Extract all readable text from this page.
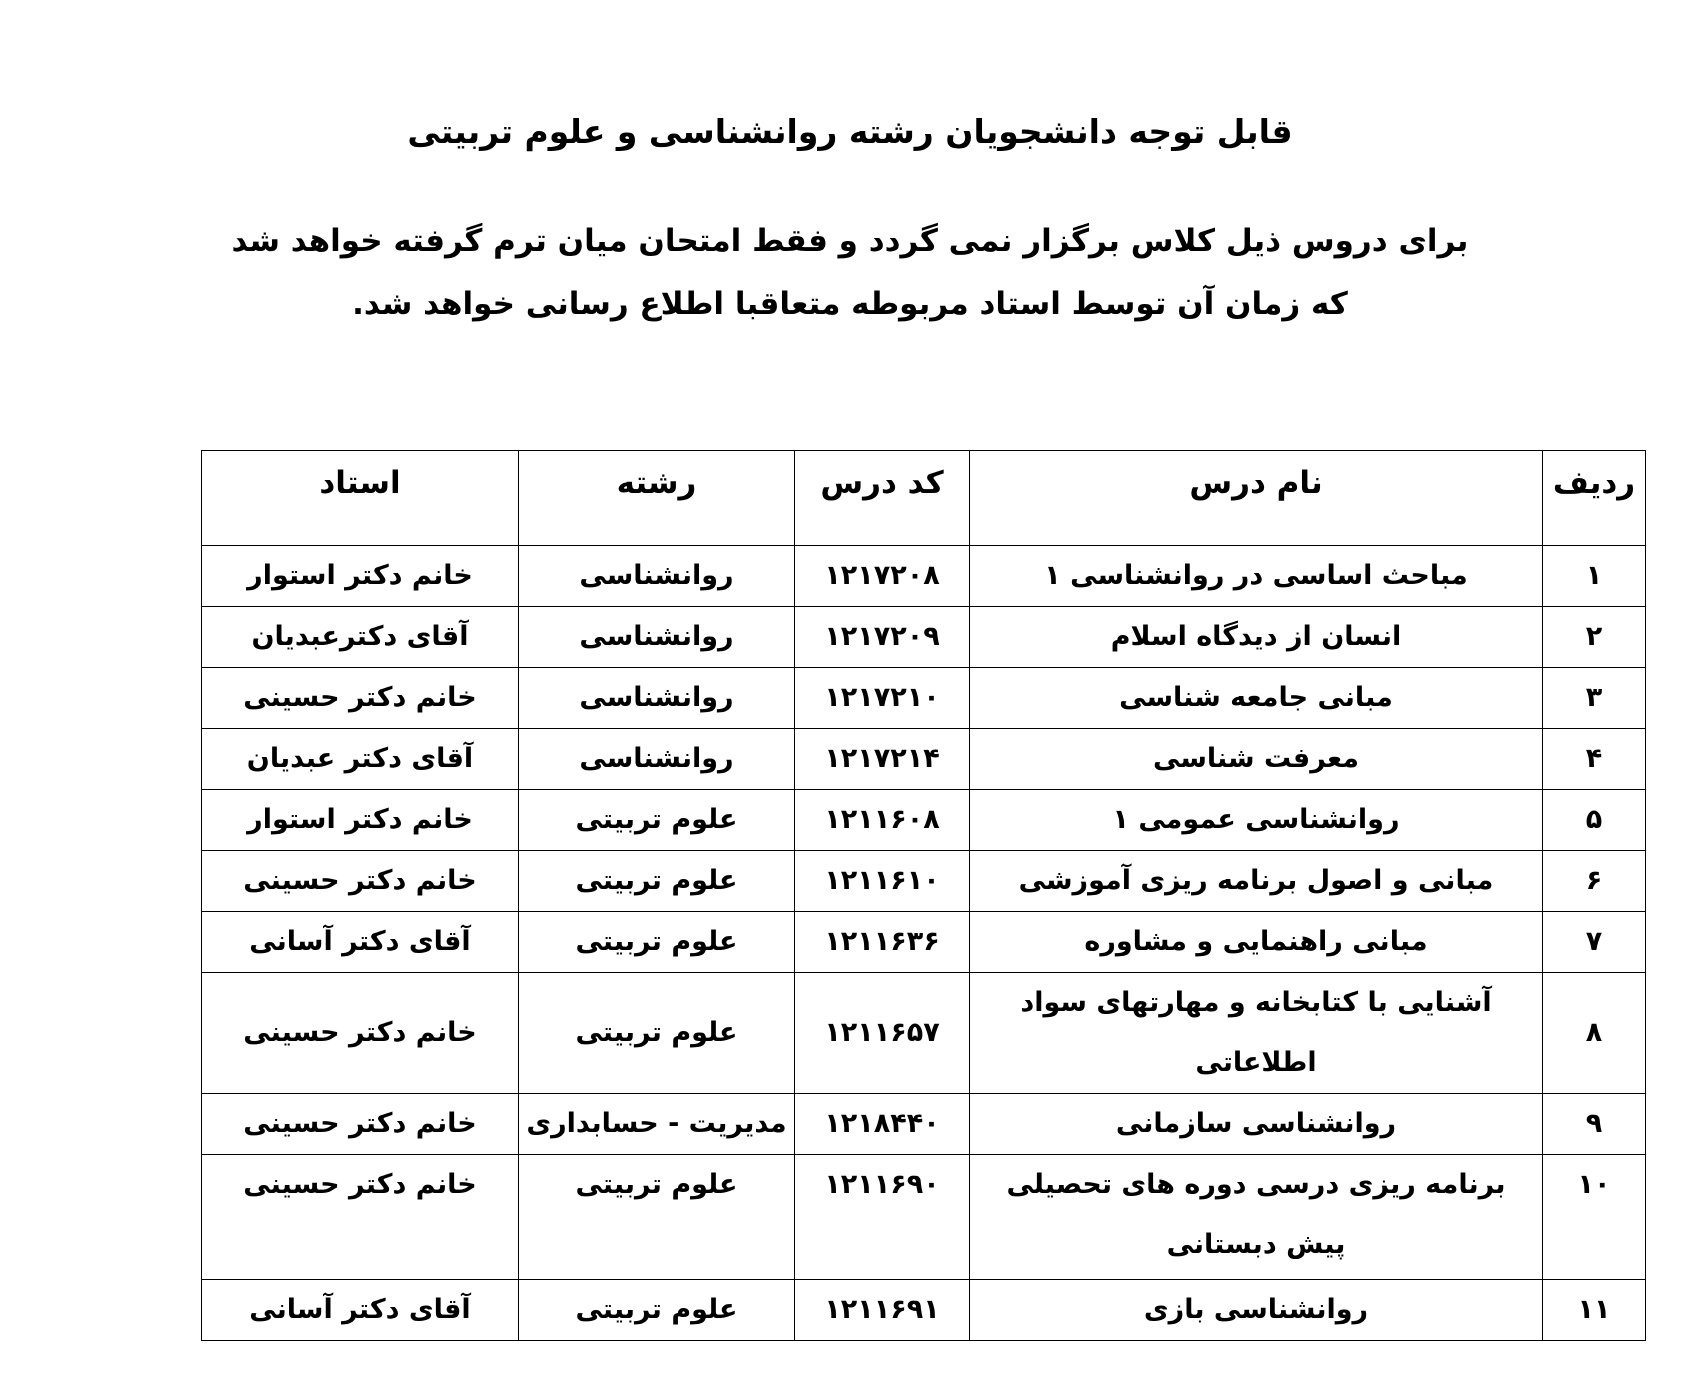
قابل توجه دانشجویان رشته روانشناسی و علوم تربیتی

برای دروس ذیل کلاس برگزار نمی گردد و فقط امتحان میان ترم گرفته خواهد شد که زمان آن توسط استاد مربوطه متعاقبا اطلاع رسانی خواهد شد.

ردیف	نام درس	کد درس	رشته	استاد
۱	مباحث اساسی در روانشناسی ۱	۱۲۱۷۲۰۸	روانشناسی	خانم دکتر استوار
۲	انسان از دیدگاه اسلام	۱۲۱۷۲۰۹	روانشناسی	آقای دکترعبدیان
۳	مبانی جامعه شناسی	۱۲۱۷۲۱۰	روانشناسی	خانم دکتر حسینی
۴	معرفت شناسی	۱۲۱۷۲۱۴	روانشناسی	آقای دکتر عبدیان
۵	روانشناسی عمومی ۱	۱۲۱۱۶۰۸	علوم تربیتی	خانم دکتر استوار
۶	مبانی و اصول برنامه ریزی آموزشی	۱۲۱۱۶۱۰	علوم تربیتی	خانم دکتر حسینی
۷	مبانی راهنمایی و مشاوره	۱۲۱۱۶۳۶	علوم تربیتی	آقای دکتر آسانی
۸	آشنایی با کتابخانه و مهارتهای سواد اطلاعاتی	۱۲۱۱۶۵۷	علوم تربیتی	خانم دکتر حسینی
۹	روانشناسی سازمانی	۱۲۱۸۴۴۰	مدیریت - حسابداری	خانم دکتر حسینی
۱۰	برنامه ریزی درسی دوره های تحصیلی پیش دبستانی	۱۲۱۱۶۹۰	علوم تربیتی	خانم دکتر حسینی
۱۱	روانشناسی بازی	۱۲۱۱۶۹۱	علوم تربیتی	آقای دکتر آسانی
